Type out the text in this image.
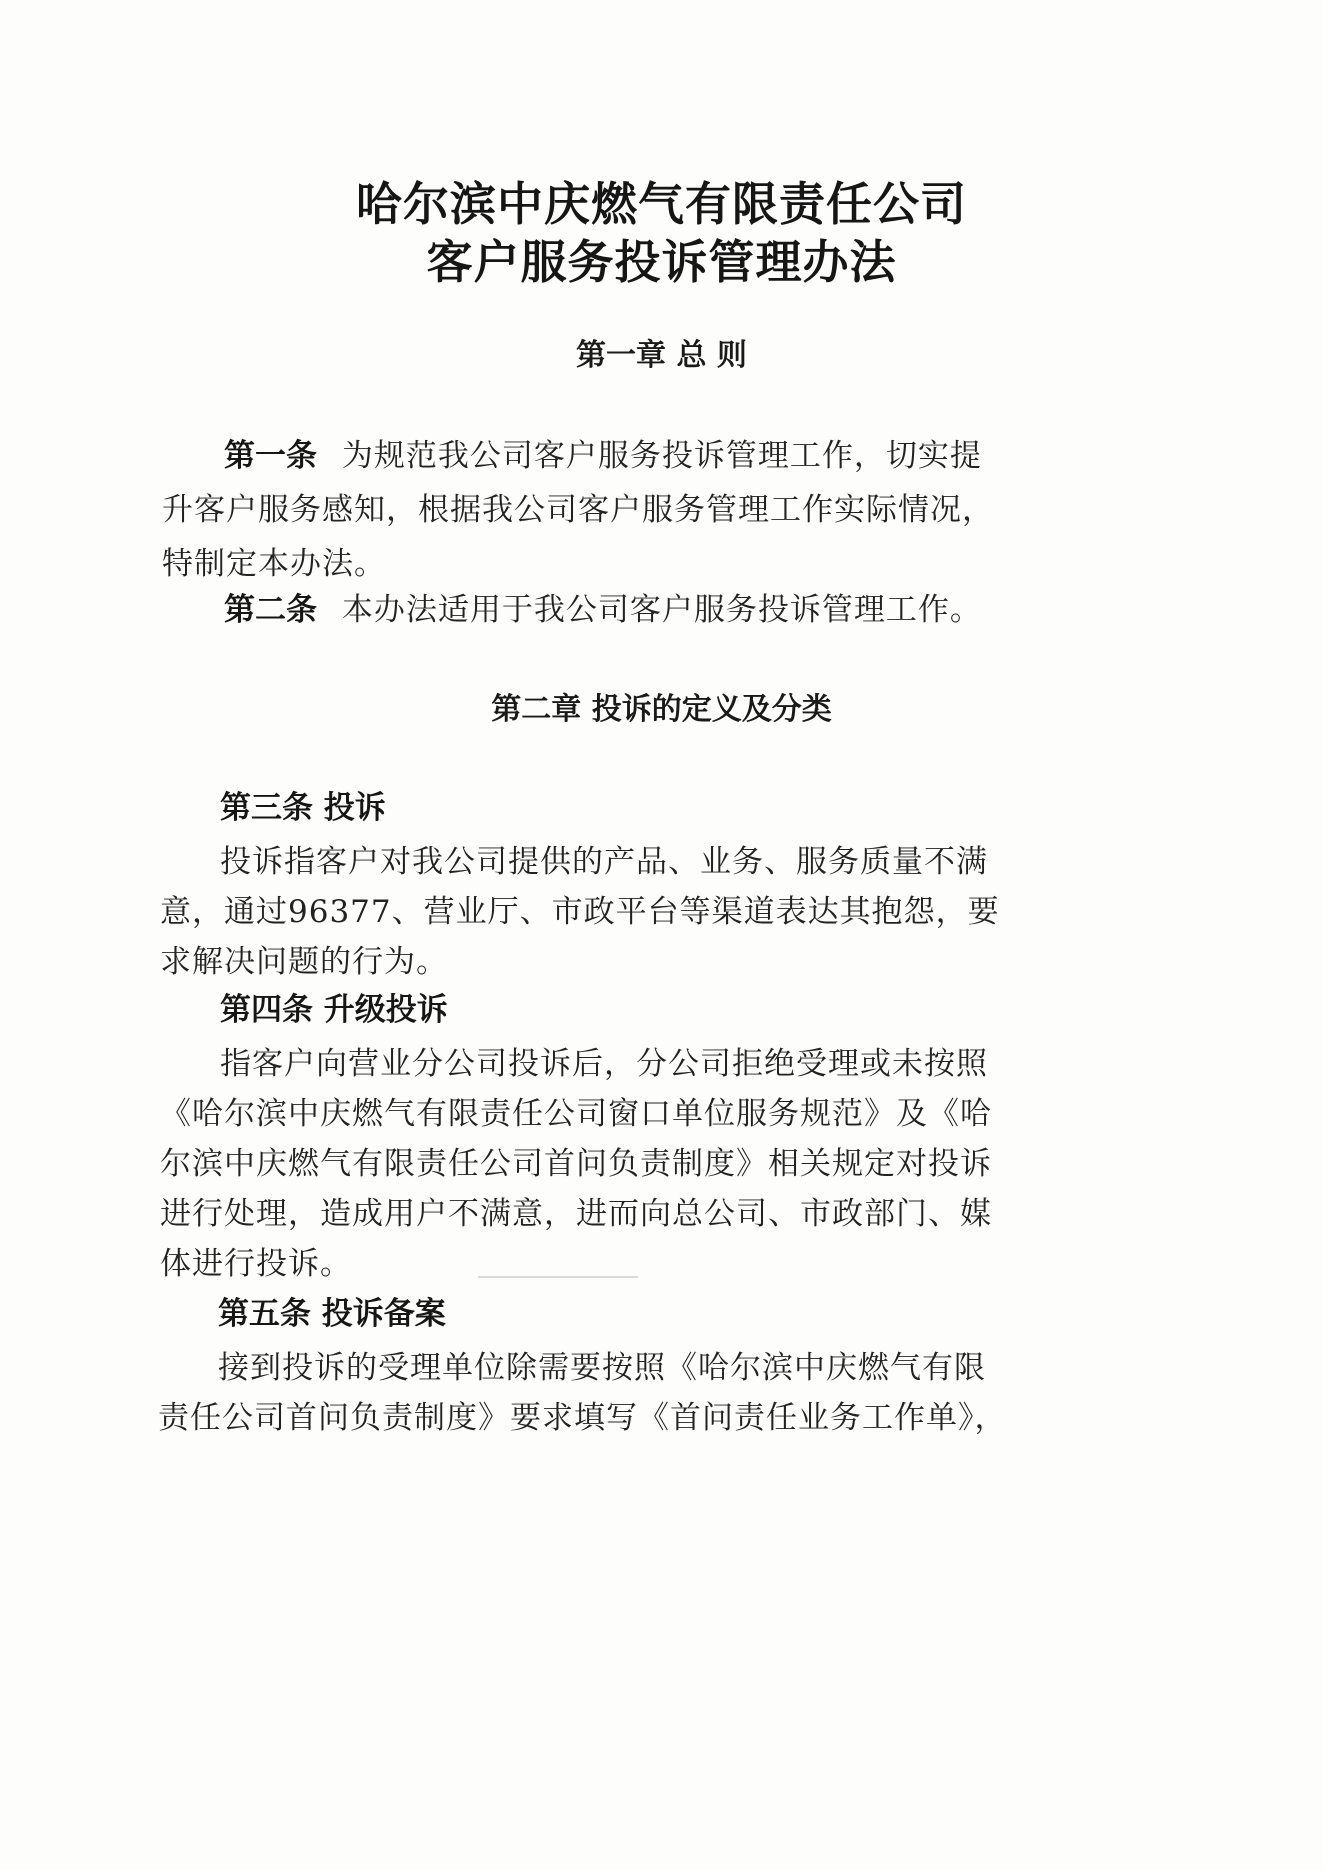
哈尔滨中庆燃气有限责任公司
客户服务投诉管理办法
第一章 总 则
第一条 为规范我公司客户服务投诉管理工作，切实提
升客户服务感知，根据我公司客户服务管理工作实际情况，
特制定本办法。
第二条 本办法适用于我公司客户服务投诉管理工作。
第二章 投诉的定义及分类
第三条 投诉
投诉指客户对我公司提供的产品、业务、服务质量不满
意，通过96377、营业厅、市政平台等渠道表达其抱怨，要
求解决问题的行为。
第四条 升级投诉
指客户向营业分公司投诉后，分公司拒绝受理或未按照
《哈尔滨中庆燃气有限责任公司窗口单位服务规范》及《哈
尔滨中庆燃气有限责任公司首问负责制度》相关规定对投诉
进行处理，造成用户不满意，进而向总公司、市政部门、媒
体进行投诉。
第五条 投诉备案
接到投诉的受理单位除需要按照《哈尔滨中庆燃气有限
责任公司首问负责制度》要求填写《首问责任业务工作单》，
